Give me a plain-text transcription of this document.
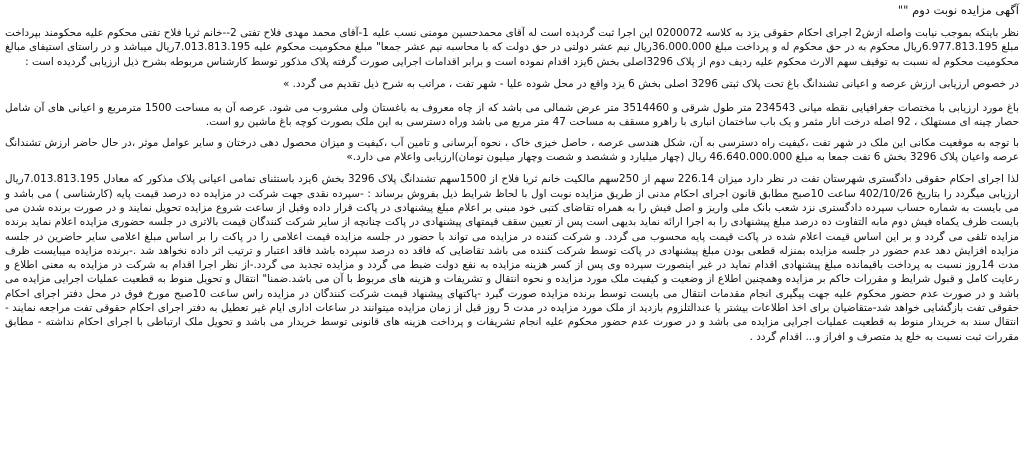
آگهی مزایده نوبت دوم ""

نظر باینکه بموجب نیابت واصله ازش2 اجرای احکام حقوقی یزد به کلاسه 0200072 این اجرا ثبت گردیده است له آقای محمدحسین مومنی نسب علیه 1-آقای محمد مهدی فلاح تفتی 2--خانم ثریا فلاح تفتی محکوم علیه محکومند بپرداخت مبلغ 6.977.813.195ریال محکوم به در حق محکوم له و پرداخت مبلغ 36.000.000ریال نیم عشر دولتی در حق دولت که با محاسبه نیم عشر جمعا" مبلغ محکومیت محکوم علیه 7.013.813.195ریال میباشد و در راستای استیفای مبالغ محکومیت محکوم له نسبت به توقیف سهم الارث محکوم علیه ردیف دوم از پلاک 3296اصلی بخش 6یزد اقدام نموده است و برابر اقدامات اجرایی صورت گرفته پلاک مذکور توسط کارشناس مربوطه بشرح ذیل ارزیابی گردیده است :

در خصوص ارزیابی ارزش عرصه و اعیانی تشندانگ باغ تحت پلاک ثبتی 3296 اصلی بخش 6 یزد واقع در محل شوده علیا - شهر تفت ، مراتب به شرح ذیل تقدیم می گردد. »

باغ مورد ارزیابی با مختصات جغرافیایی نقطه میانی 234543 متر طول شرقی و 3514460 متر عرض شمالی می باشد که از چاه معروف به باغستان ولی مشروب می شود. عرصه آن به مساحت 1500 مترمربع و اعیانی های آن شامل حصار چینه ای مستهلک ، 92 اصله درخت انار مثمر و یک باب ساختمان انباری با راهرو مسقف به مساحت 47 متر مربع می باشد وراه دسترسی به این ملک بصورت کوچه باغ ماشین رو است.

با توجه به موقعیت مکانی این ملک در شهر تفت ،کیفیت راه دسترسی به آن، شکل هندسی عرصه ، حاصل خیزی خاک ، نحوه آبرسانی و تامین آب ،کیفیت و میزان محصول دهی درختان و سایر عوامل موثر ،در حال حاضر ارزش تشندانگ عرصه واعیان پلاک 3296 بخش 6 تفت جمعا به مبلغ 46.640.000.000 ریال (چهار میلیارد و ششصد و شصت وچهار میلیون تومان)ارزیابی واعلام می دارد.»

لذا اجرای احکام حقوقی دادگستری شهرستان تفت در نظر دارد میزان 226.14 سهم از 250سهم مالکیت خانم ثریا فلاح از 1500سهم تشندانگ پلاک 3296 بخش 6یزد باستثنای تمامی اعیانی پلاک مذکور که معادل 7.013.813.195ریال ارزیابی میگردد را بتاریخ 402/10/26 ساعت 10صبح مطابق قانون اجرای احکام مدنی از طریق مزایده نوبت اول با لحاظ شرایط ذیل بفروش برساند : -سپرده نقدی جهت شرکت در مزایده ده درصد قیمت پایه (کارشناسی ) می باشد و می بایست به شماره حساب سپرده دادگستری نزد شعب بانک ملی واریز و اصل فیش را به همراه تقاضای کتبی خود مبنی بر اعلام مبلغ پیشنهادی در پاکت قرار داده وقبل از ساعت شروع مزایده تحویل نمایند و در صورت برنده شدن می بایست ظرف یکماه فیش دوم مابه التفاوت ده درصد مبلغ پیشنهادی را به اجرا ارائه نماید بدیهی است پس از تعیین سقف قیمتهای پیشنهادی در پاکت چنانچه از سایر شرکت کنندگان قیمت بالاتری در جلسه حضوری مزایده اعلام نماید برنده مزایده تلقی می گردد و بر این اساس قیمت اعلام شده در پاکت قیمت پایه محسوب می گردد. و شرکت کننده در مزایده می تواند با حضور در جلسه مزایده قیمت اعلامی را در پاکت را بر اساس مبلغ اعلامی سایر حاضرین در جلسه مزایده افزایش دهد عدم حضور در جلسه مزایده بمنزله قطعی بودن مبلغ پیشنهادی در پاکت توسط شرکت کننده می باشد تقاضایی که فاقد ده درصد سپرده باشد فاقد اعتبار و ترتیب اثر داده نخواهد شد .-برنده مزایده میبایست ظرف مدت 14روز نسبت به پرداخت باقیمانده مبلغ پیشنهادی اقدام نماید در غیر اینصورت سپرده وی پس از کسر هزینه مزایده به نفع دولت ضبط می گردد و مزایده تجدید می گردد.-از نظر اجرا اقدام به شرکت در مزایده به معنی اطلاع و رعایت کامل و قبول شرایط و مقررات حاکم بر مزایده وهمچنین اطلاع از وضعیت و کیفیت ملک مورد مزایده و نحوه انتقال و تشریفات و هزینه های مربوط با آن می باشد.ضمنا" انتقال و تحویل منوط به قطعیت عملیات اجرایی مزایده می باشد و در صورت عدم حضور محکوم علیه جهت پیگیری انجام مقدمات انتقال می بایست توسط برنده مزایده صورت گیرد -پاکتهای پیشنهاد قیمت شرکت کنندگان در مزایده راس ساعت 10صبح مورخ فوق در محل دفتر اجرای احکام حقوقی تفت بازگشایی خواهد شد-متقاضیان برای اخذ اطلاعات بیشتر یا عندالتلزوم بازدید از ملک مورد مزایده در مدت 5 روز قبل از زمان مزایده میتوانند در ساعات اداری ایام غیر تعطیل به دفتر اجرای احکام حقوقی تفت مراجعه نمایند - انتقال سند به خریدار منوط به قطعیت عملیات اجرایی مزایده می باشد و در صورت عدم حضور محکوم علیه انجام تشریفات و پرداخت هزینه های قانونی توسط خریدار می باشد و تحویل ملک ارتباطی با اجرای احکام نداشته - مطابق مقررات ثبت نسبت به خلع ید متصرف و افراز و... اقدام گردد .
